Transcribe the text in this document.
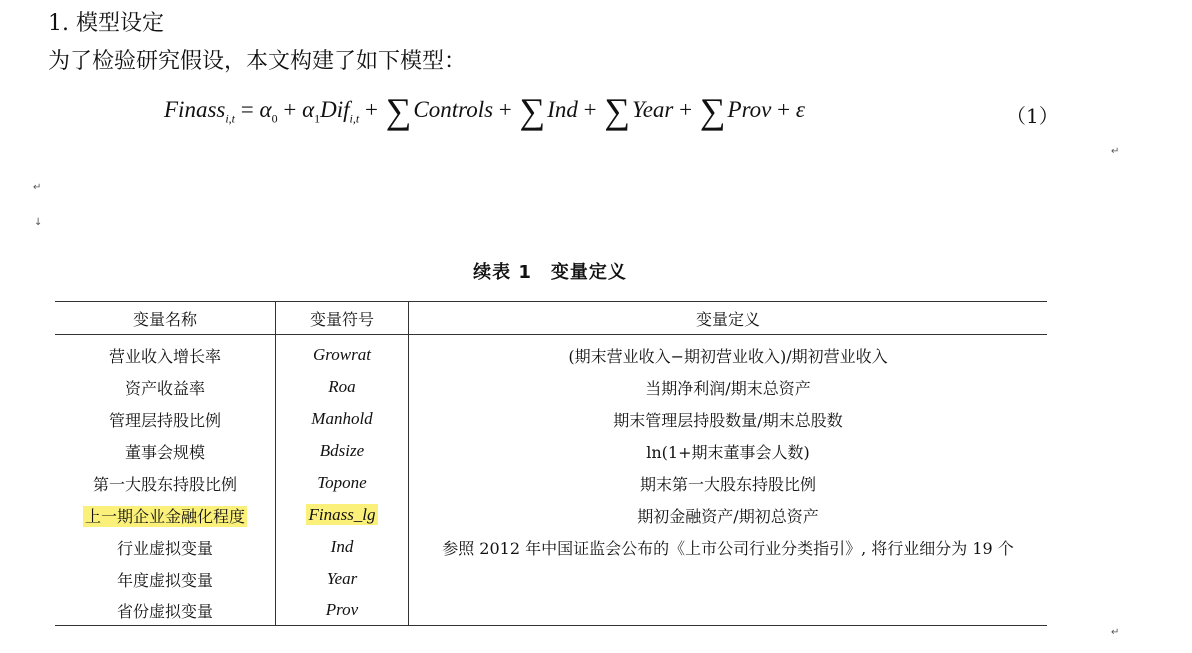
1. 模型设定
为了检验研究假设，本文构建了如下模型：
Finass$_{i,t}$ = $\alpha_0 + \alpha_1Dif_{i,t}$ + ∑Controls + ∑Ind + ∑Year + ∑Prov + ε	（1）

↵
↵
↓
↵
续表 1　变量定义
变量名称	变量符号	变量定义
营业收入增长率	Growrat	(期末营业收入−期初营业收入)/期初营业收入
资产收益率	Roa	当期净利润/期末总资产
管理层持股比例	Manhold	期末管理层持股数量/期末总股数
董事会规模	Bdsize	ln(1+期末董事会人数)
第一大股东持股比例	Topone	期末第一大股东持股比例
上一期企业金融化程度	Finass_lg	期初金融资产/期初总资产
行业虚拟变量	Ind	参照 2012 年中国证监会公布的《上市公司行业分类指引》, 将行业细分为 19 个
年度虚拟变量	Year	
省份虚拟变量	Prov	
